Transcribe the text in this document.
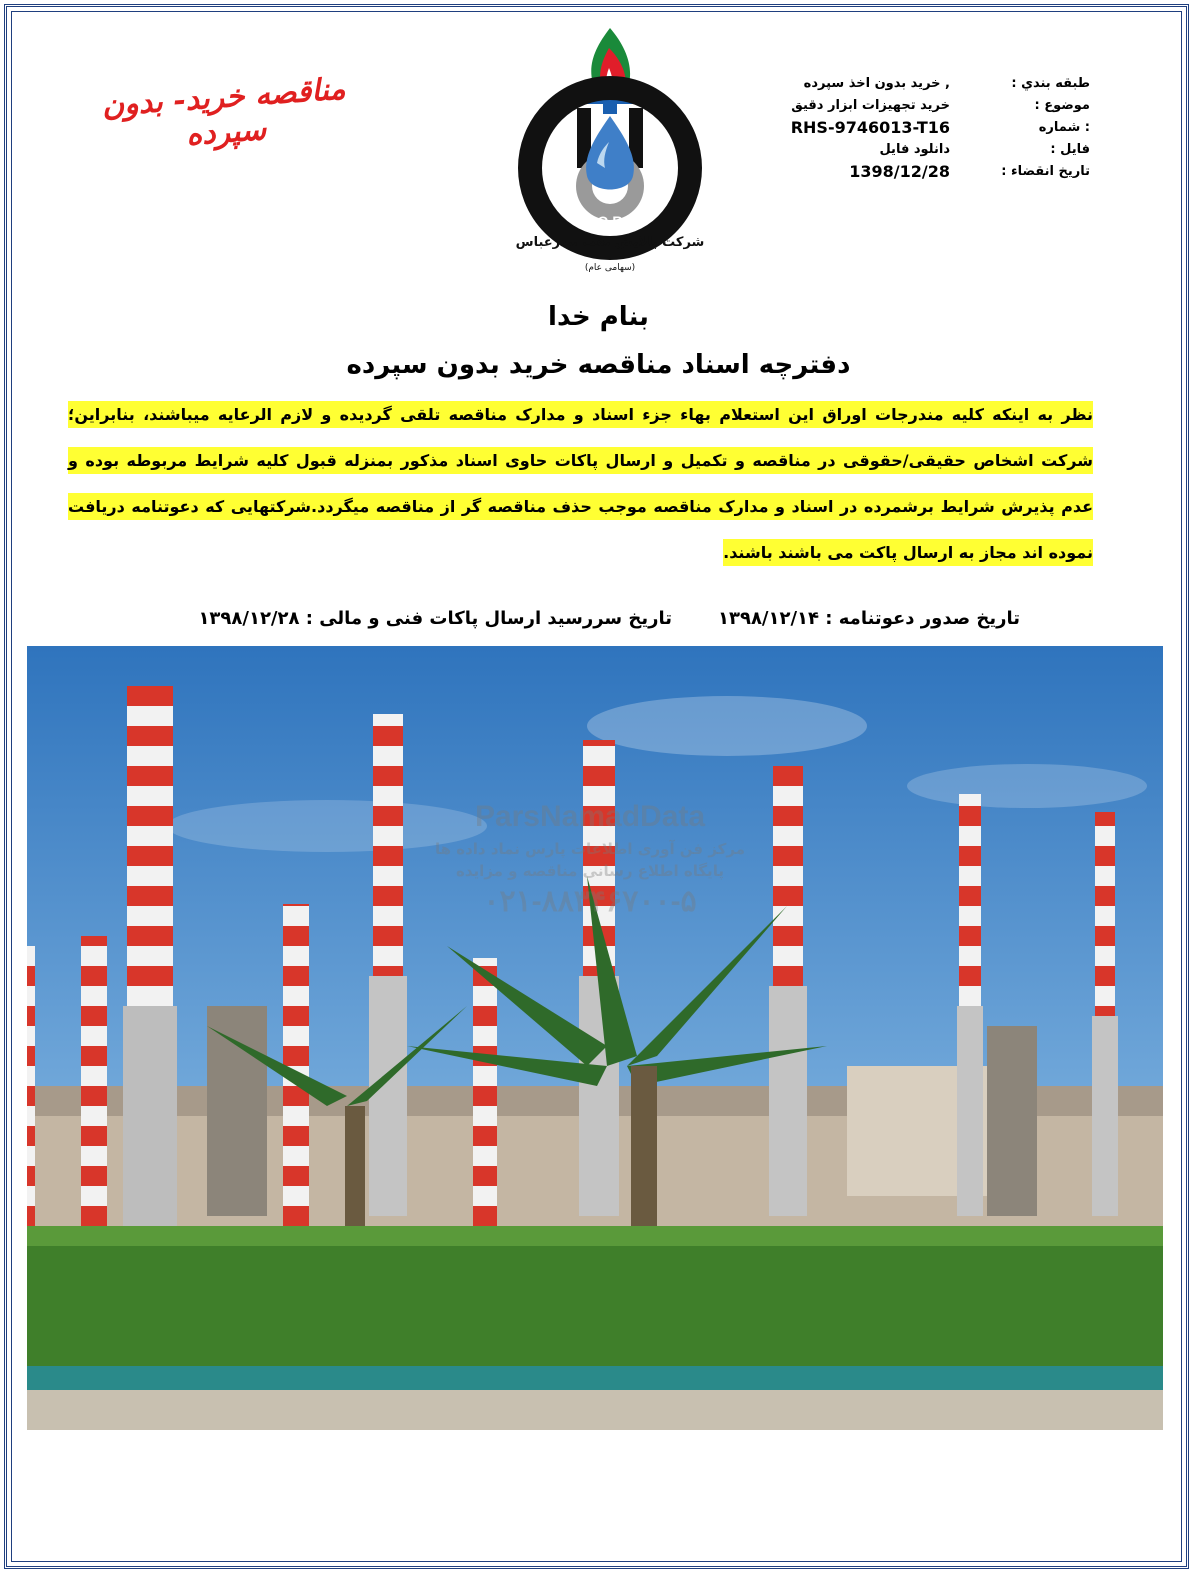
مناقصه خرید- بدون سپرده
B.O.R.C
شرکت پالایش نفت بندرعباس
(سهامی عام)
طبقه بندي :
, خريد بدون اخذ سپرده
موضوع :
خريد تجهيزات ابزار دقيق
: شماره
RHS-9746013-T16
فايل :
دانلود فايل
تاريخ انقضاء :
1398/12/28
بنام خدا
دفترچه اسناد مناقصه خريد بدون سپرده
نظر به اینکه کلیه مندرجات اوراق این استعلام بهاء جزء اسناد و مدارک مناقصه تلقی گردیده و لازم الرعایه میباشند، بنابراین؛ شرکت اشخاص حقیقی/حقوقی در مناقصه و تکمیل و ارسال پاکات حاوی اسناد مذکور بمنزله قبول کلیه شرایط مربوطه بوده و عدم پذیرش شرایط برشمرده در اسناد و مدارک مناقصه موجب حذف مناقصه گر از مناقصه میگردد.شرکتهایی که دعوتنامه دریافت نموده اند مجاز به ارسال پاکت می باشند باشند.
تاريخ صدور دعوتنامه : ۱۳۹۸/۱۲/۱۴تاريخ سررسيد ارسال پاکات فنی و مالی : ۱۳۹۸/۱۲/۲۸
ParsNamadData
مرکز فن آوری اطلاعات پارس نماد داده ها
پایگاه اطلاع رسانی مناقصه و مزایده
۰۲۱-۸۸۳۴۶۷۰۰-۵
